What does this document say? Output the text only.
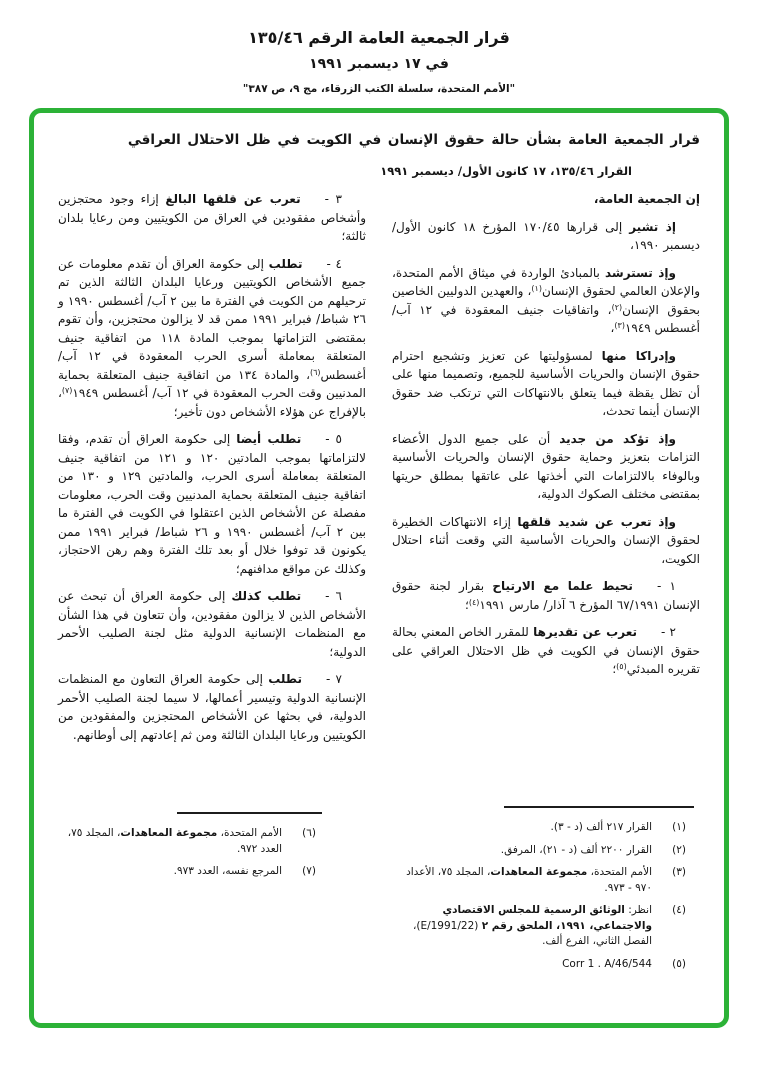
قرار الجمعية العامة الرقم ١٣٥/٤٦
في ١٧ ديسمبر ١٩٩١
"الأمم المتحدة، سلسلة الكتب الزرقاء، مج ٩، ص ٣٨٧"
قرار الجمعية العامة بشأن حالة حقوق الإنسان في الكويت في ظل الاحتلال العراقي
القرار ١٣٥/٤٦، ١٧ كانون الأول/ ديسمبر ١٩٩١

إن الجمعية العامة،

إذ تشير إلى قرارها ١٧٠/٤٥ المؤرخ ١٨ كانون الأول/ ديسمبر ١٩٩٠،

وإذ تسترشد بالمبادئ الواردة في ميثاق الأمم المتحدة، والإعلان العالمي لحقوق الإنسان$^{(١)}$، والعهدين الدوليين الخاصين بحقوق الإنسان$^{(٢)}$، واتفاقيات جنيف المعقودة في ١٢ آب/ أغسطس ١٩٤٩$^{(٣)}$،

وإدراكا منها لمسؤوليتها عن تعزيز وتشجيع احترام حقوق الإنسان والحريات الأساسية للجميع، وتصميما منها على أن تظل يقظة فيما يتعلق بالانتهاكات التي ترتكب ضد حقوق الإنسان أينما تحدث،

وإذ تؤكد من جديد أن على جميع الدول الأعضاء التزامات بتعزيز وحماية حقوق الإنسان والحريات الأساسية وبالوفاء بالالتزامات التي أخذتها على عاتقها بمطلق حريتها بمقتضى مختلف الصكوك الدولية،

وإذ تعرب عن شديد قلقها إزاء الانتهاكات الخطيرة لحقوق الإنسان والحريات الأساسية التي وقعت أثناء احتلال الكويت،

١ -تحيط علما مع الارتياح بقرار لجنة حقوق الإنسان ٦٧/١٩٩١ المؤرخ ٦ آذار/ مارس ١٩٩١$^{(٤)}$؛

٢ -تعرب عن تقديرها للمقرر الخاص المعني بحالة حقوق الإنسان في الكويت في ظل الاحتلال العراقي على تقريره المبدئي$^{(٥)}$؛

(١)
القرار ٢١٧ ألف (د - ٣).
(٢)
القرار ٢٢٠٠ ألف (د - ٢١)، المرفق.
(٣)
الأمم المتحدة، مجموعة المعاهدات، المجلد ٧٥، الأعداد ٩٧٠ - ٩٧٣.
(٤)
انظر: الوثائق الرسمية للمجلس الاقتصادي والاجتماعي، ١٩٩١، الملحق رقم ٢ (E/1991/22)، الفصل الثاني، الفرع ألف.
(٥)
Corr 1 . A/46/544

٣ -تعرب عن قلقها البالغ إزاء وجود محتجزين وأشخاص مفقودين في العراق من الكويتيين ومن رعايا بلدان ثالثة؛

٤ -تطلب إلى حكومة العراق أن تقدم معلومات عن جميع الأشخاص الكويتيين ورعايا البلدان الثالثة الذين تم ترحيلهم من الكويت في الفترة ما بين ٢ آب/ أغسطس ١٩٩٠ و ٢٦ شباط/ فبراير ١٩٩١ ممن قد لا يزالون محتجزين، وأن تقوم بمقتضى التزاماتها بموجب المادة ١١٨ من اتفاقية جنيف المتعلقة بمعاملة أسرى الحرب المعقودة في ١٢ آب/ أغسطس$^{(٦)}$، والمادة ١٣٤ من اتفاقية جنيف المتعلقة بحماية المدنيين وقت الحرب المعقودة في ١٢ آب/ أغسطس ١٩٤٩$^{(٧)}$، بالإفراج عن هؤلاء الأشخاص دون تأخير؛

٥ -تطلب أيضا إلى حكومة العراق أن تقدم، وفقا لالتزاماتها بموجب المادتين ١٢٠ و ١٢١ من اتفاقية جنيف المتعلقة بمعاملة أسرى الحرب، والمادتين ١٢٩ و ١٣٠ من اتفاقية جنيف المتعلقة بحماية المدنيين وقت الحرب، معلومات مفصلة عن الأشخاص الذين اعتقلوا في الكويت في الفترة ما بين ٢ آب/ أغسطس ١٩٩٠ و ٢٦ شباط/ فبراير ١٩٩١ ممن يكونون قد توفوا خلال أو بعد تلك الفترة وهم رهن الاحتجاز، وكذلك عن مواقع مدافنهم؛

٦ -تطلب كذلك إلى حكومة العراق أن تبحث عن الأشخاص الذين لا يزالون مفقودين، وأن تتعاون في هذا الشأن مع المنظمات الإنسانية الدولية مثل لجنة الصليب الأحمر الدولية؛

٧ -تطلب إلى حكومة العراق التعاون مع المنظمات الإنسانية الدولية وتيسير أعمالها، لا سيما لجنة الصليب الأحمر الدولية، في بحثها عن الأشخاص المحتجزين والمفقودين من الكويتيين ورعايا البلدان الثالثة ومن ثم إعادتهم إلى أوطانهم.

(٦)
الأمم المتحدة، مجموعة المعاهدات، المجلد ٧٥، العدد ٩٧٢.
(٧)
المرجع نفسه، العدد ٩٧٣.
